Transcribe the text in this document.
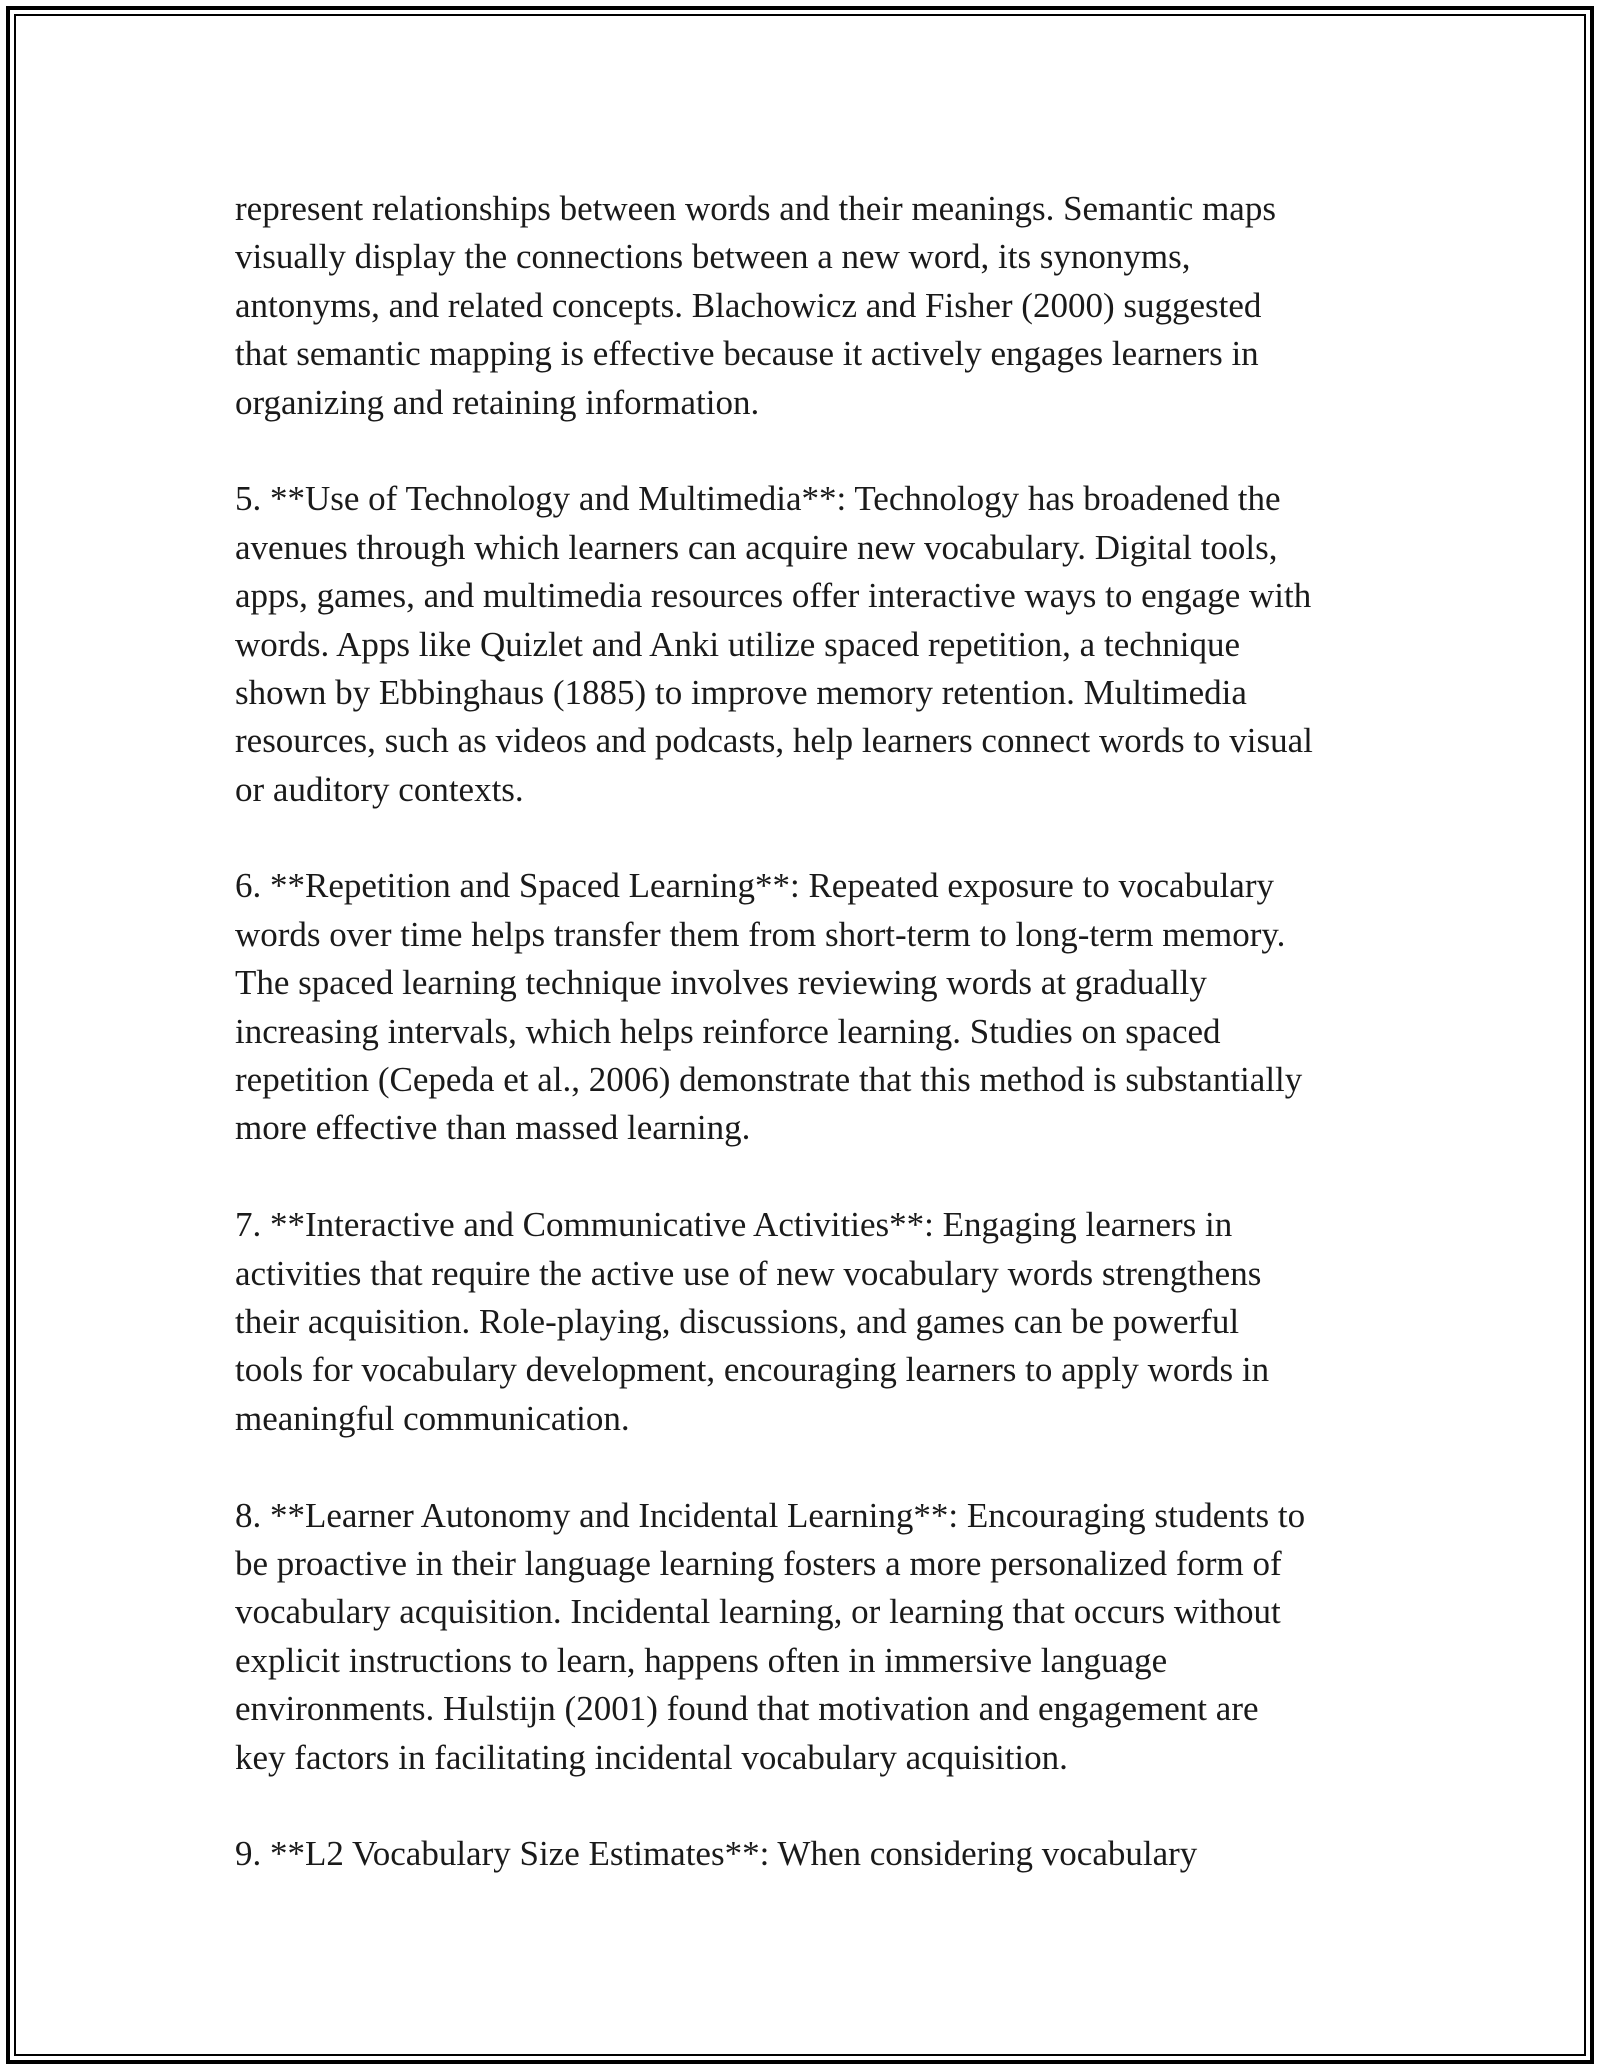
represent relationships between words and their meanings. Semantic maps
visually display the connections between a new word, its synonyms,
antonyms, and related concepts. Blachowicz and Fisher (2000) suggested
that semantic mapping is effective because it actively engages learners in
organizing and retaining information.
5. **Use of Technology and Multimedia**: Technology has broadened the
avenues through which learners can acquire new vocabulary. Digital tools,
apps, games, and multimedia resources offer interactive ways to engage with
words. Apps like Quizlet and Anki utilize spaced repetition, a technique
shown by Ebbinghaus (1885) to improve memory retention. Multimedia
resources, such as videos and podcasts, help learners connect words to visual
or auditory contexts.
6. **Repetition and Spaced Learning**: Repeated exposure to vocabulary
words over time helps transfer them from short-term to long-term memory.
The spaced learning technique involves reviewing words at gradually
increasing intervals, which helps reinforce learning. Studies on spaced
repetition (Cepeda et al., 2006) demonstrate that this method is substantially
more effective than massed learning.
7. **Interactive and Communicative Activities**: Engaging learners in
activities that require the active use of new vocabulary words strengthens
their acquisition. Role-playing, discussions, and games can be powerful
tools for vocabulary development, encouraging learners to apply words in
meaningful communication.
8. **Learner Autonomy and Incidental Learning**: Encouraging students to
be proactive in their language learning fosters a more personalized form of
vocabulary acquisition. Incidental learning, or learning that occurs without
explicit instructions to learn, happens often in immersive language
environments. Hulstijn (2001) found that motivation and engagement are
key factors in facilitating incidental vocabulary acquisition.
9. **L2 Vocabulary Size Estimates**: When considering vocabulary
